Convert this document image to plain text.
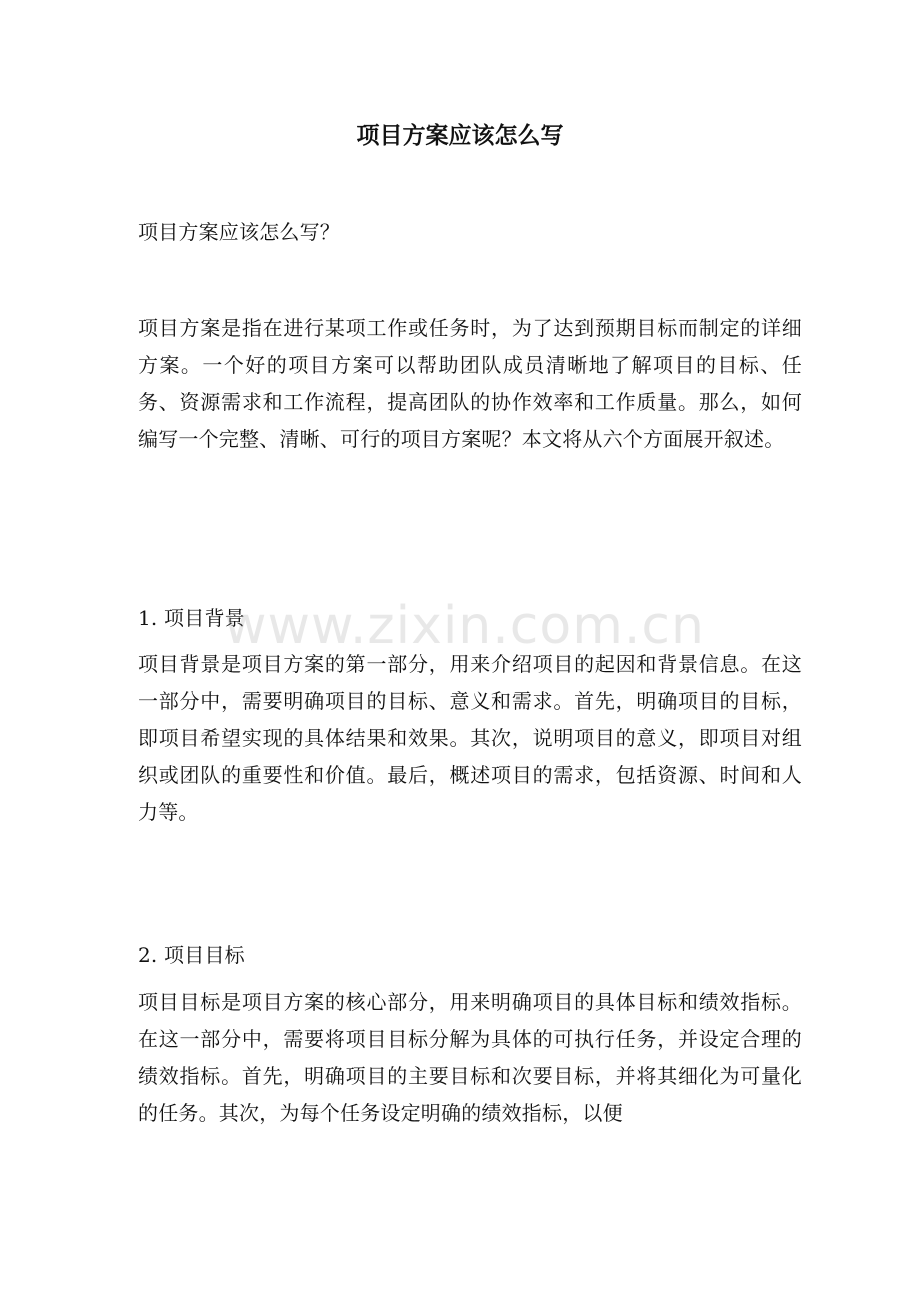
项目方案应该怎么写

项目方案应该怎么写？

项目方案是指在进行某项工作或任务时，为了达到预期目标而制定的详细方案。一个好的项目方案可以帮助团队成员清晰地了解项目的目标、任务、资源需求和工作流程，提高团队的协作效率和工作质量。那么，如何编写一个完整、清晰、可行的项目方案呢？本文将从六个方面展开叙述。

1. 项目背景

项目背景是项目方案的第一部分，用来介绍项目的起因和背景信息。在这一部分中，需要明确项目的目标、意义和需求。首先，明确项目的目标，即项目希望实现的具体结果和效果。其次，说明项目的意义，即项目对组织或团队的重要性和价值。最后，概述项目的需求，包括资源、时间和人力等。

2. 项目目标

项目目标是项目方案的核心部分，用来明确项目的具体目标和绩效指标。在这一部分中，需要将项目目标分解为具体的可执行任务，并设定合理的绩效指标。首先，明确项目的主要目标和次要目标，并将其细化为可量化的任务。其次，为每个任务设定明确的绩效指标，以便

www.zixin.com.cn
